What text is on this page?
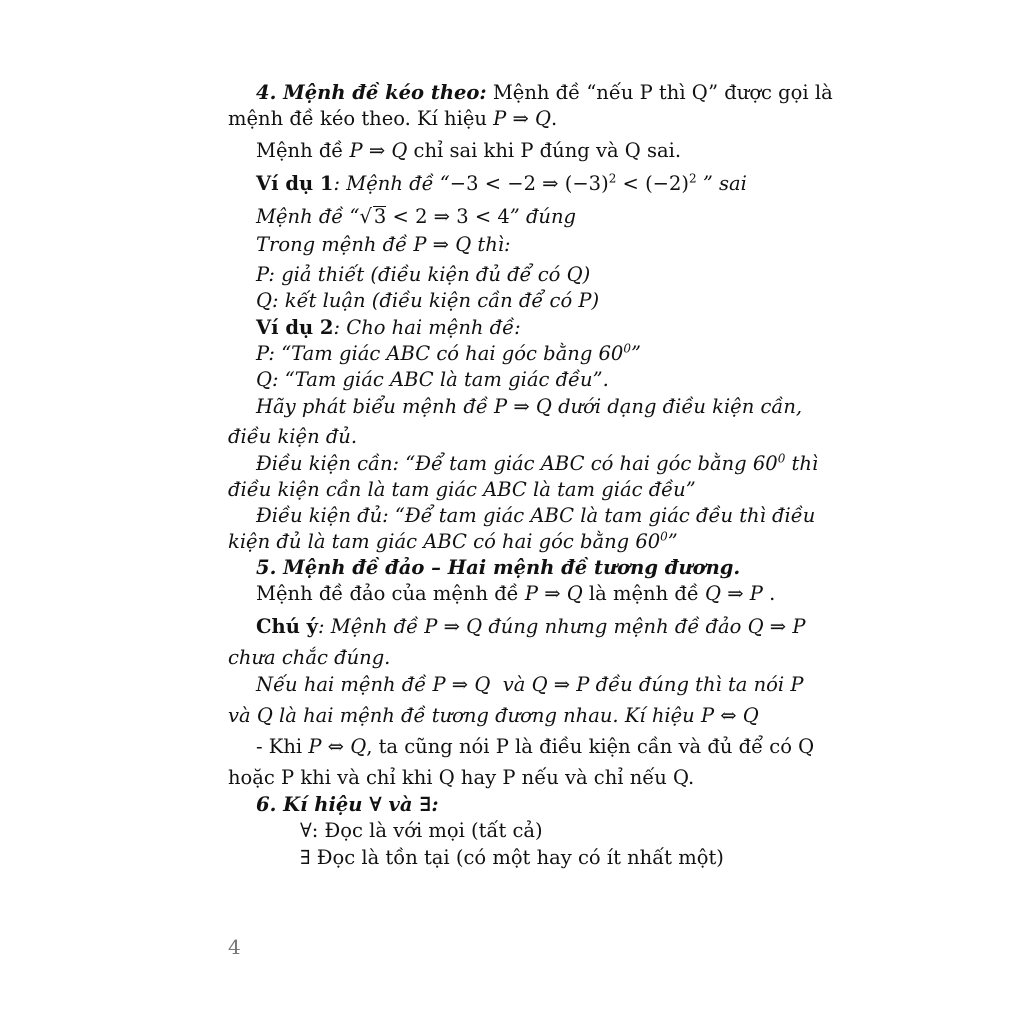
4. Mệnh đề kéo theo: Mệnh đề “nếu P thì Q” được gọi là
mệnh đề kéo theo. Kí hiệu P ⇒ Q.
Mệnh đề P ⇒ Q chỉ sai khi P đúng và Q sai.
Ví dụ 1: Mệnh đề “−3 < −2 ⇒ $(-3)^2 < (-2)^2$ ” sai
Mệnh đề “√ 3 < 2 ⇒ 3 < 4” đúng
Trong mệnh đề P ⇒ Q thì:
P: giả thiết (điều kiện đủ để có Q)
Q: kết luận (điều kiện cần để có P)
Ví dụ 2: Cho hai mệnh đề:
P: “Tam giác ABC có hai góc bằng $60^0$”
Q: “Tam giác ABC là tam giác đều”.
Hãy phát biểu mệnh đề P ⇒ Q dưới dạng điều kiện cần,
điều kiện đủ.
Điều kiện cần: “Để tam giác ABC có hai góc bằng $60^0$ thì
điều kiện cần là tam giác ABC là tam giác đều”
Điều kiện đủ: “Để tam giác ABC là tam giác đều thì điều
kiện đủ là tam giác ABC có hai góc bằng $60^0$”
5. Mệnh đề đảo – Hai mệnh đề tương đương.
Mệnh đề đảo của mệnh đề P ⇒ Q là mệnh đề Q ⇒ P .
Chú ý: Mệnh đề P ⇒ Q đúng nhưng mệnh đề đảo Q ⇒ P
chưa chắc đúng.
Nếu hai mệnh đề P ⇒ Q  và Q ⇒ P đều đúng thì ta nói P
và Q là hai mệnh đề tương đương nhau. Kí hiệu P ⇔ Q
- Khi P ⇔ Q, ta cũng nói P là điều kiện cần và đủ để có Q
hoặc P khi và chỉ khi Q hay P nếu và chỉ nếu Q.
6. Kí hiệu ∀ và ∃:
∀: Đọc là với mọi (tất cả)
∃ Đọc là tồn tại (có một hay có ít nhất một)
4
